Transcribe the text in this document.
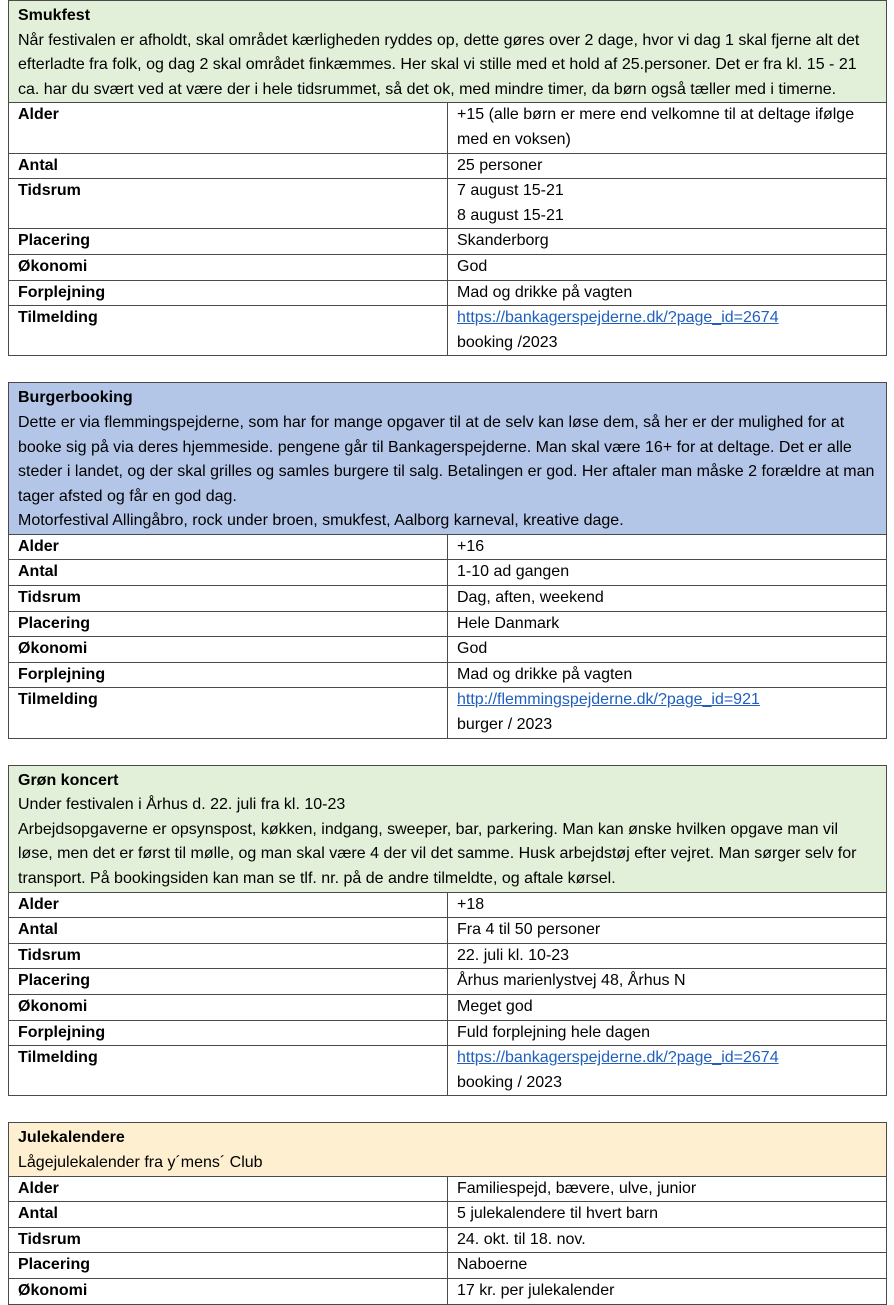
Smukfest
Når festivalen er afholdt, skal området kærligheden ryddes op, dette gøres over 2 dage, hvor vi dag 1 skal fjerne alt det efterladte fra folk, og dag 2 skal området finkæmmes. Her skal vi stille med et hold af 25.personer. Det er fra kl. 15 - 21 ca. har du svært ved at være der i hele tidsrummet, så det ok, med mindre timer, da børn også tæller med i timerne.	

Alder	+15 (alle børn er mere end velkomne til at deltage ifølge med en voksen)

Antal	25 personer

Tidsrum	7 august 15-21
8 august 15-21

Placering	Skanderborg

Økonomi	God

Forplejning	Mad og drikke på vagten

Tilmelding	https://bankagerspejderne.dk/?page_id=2674
booking /2023
Burgerbooking
Dette er via flemmingspejderne, som har for mange opgaver til at de selv kan løse dem, så her er der mulighed for at booke sig på via deres hjemmeside. pengene går til Bankagerspejderne. Man skal være 16+ for at deltage. Det er alle steder i landet, og der skal grilles og samles burgere til salg. Betalingen er god. Her aftaler man måske 2 forældre at man tager afsted og får en god dag.
Motorfestival Allingåbro, rock under broen, smukfest, Aalborg karneval, kreative dage.	

Alder	+16

Antal	1-10 ad gangen

Tidsrum	Dag, aften, weekend

Placering	Hele Danmark

Økonomi	God

Forplejning	Mad og drikke på vagten

Tilmelding	http://flemmingspejderne.dk/?page_id=921
burger / 2023
Grøn koncert
Under festivalen i Århus d. 22. juli fra kl. 10-23
Arbejdsopgaverne er opsynspost, køkken, indgang, sweeper, bar, parkering. Man kan ønske hvilken opgave man vil løse, men det er først til mølle, og man skal være 4 der vil det samme. Husk arbejdstøj efter vejret. Man sørger selv for transport. På bookingsiden kan man se tlf. nr. på de andre tilmeldte, og aftale kørsel.	

Alder	+18

Antal	Fra 4 til 50 personer

Tidsrum	22. juli kl. 10-23

Placering	Århus marienlystvej 48, Århus N

Økonomi	Meget god

Forplejning	Fuld forplejning hele dagen

Tilmelding	https://bankagerspejderne.dk/?page_id=2674
booking / 2023
Julekalendere
Lågejulekalender fra y´mens´ Club	

Alder	Familiespejd, bævere, ulve, junior

Antal	5 julekalendere til hvert barn

Tidsrum	24. okt. til 18. nov.

Placering	Naboerne

Økonomi	17 kr. per julekalender
